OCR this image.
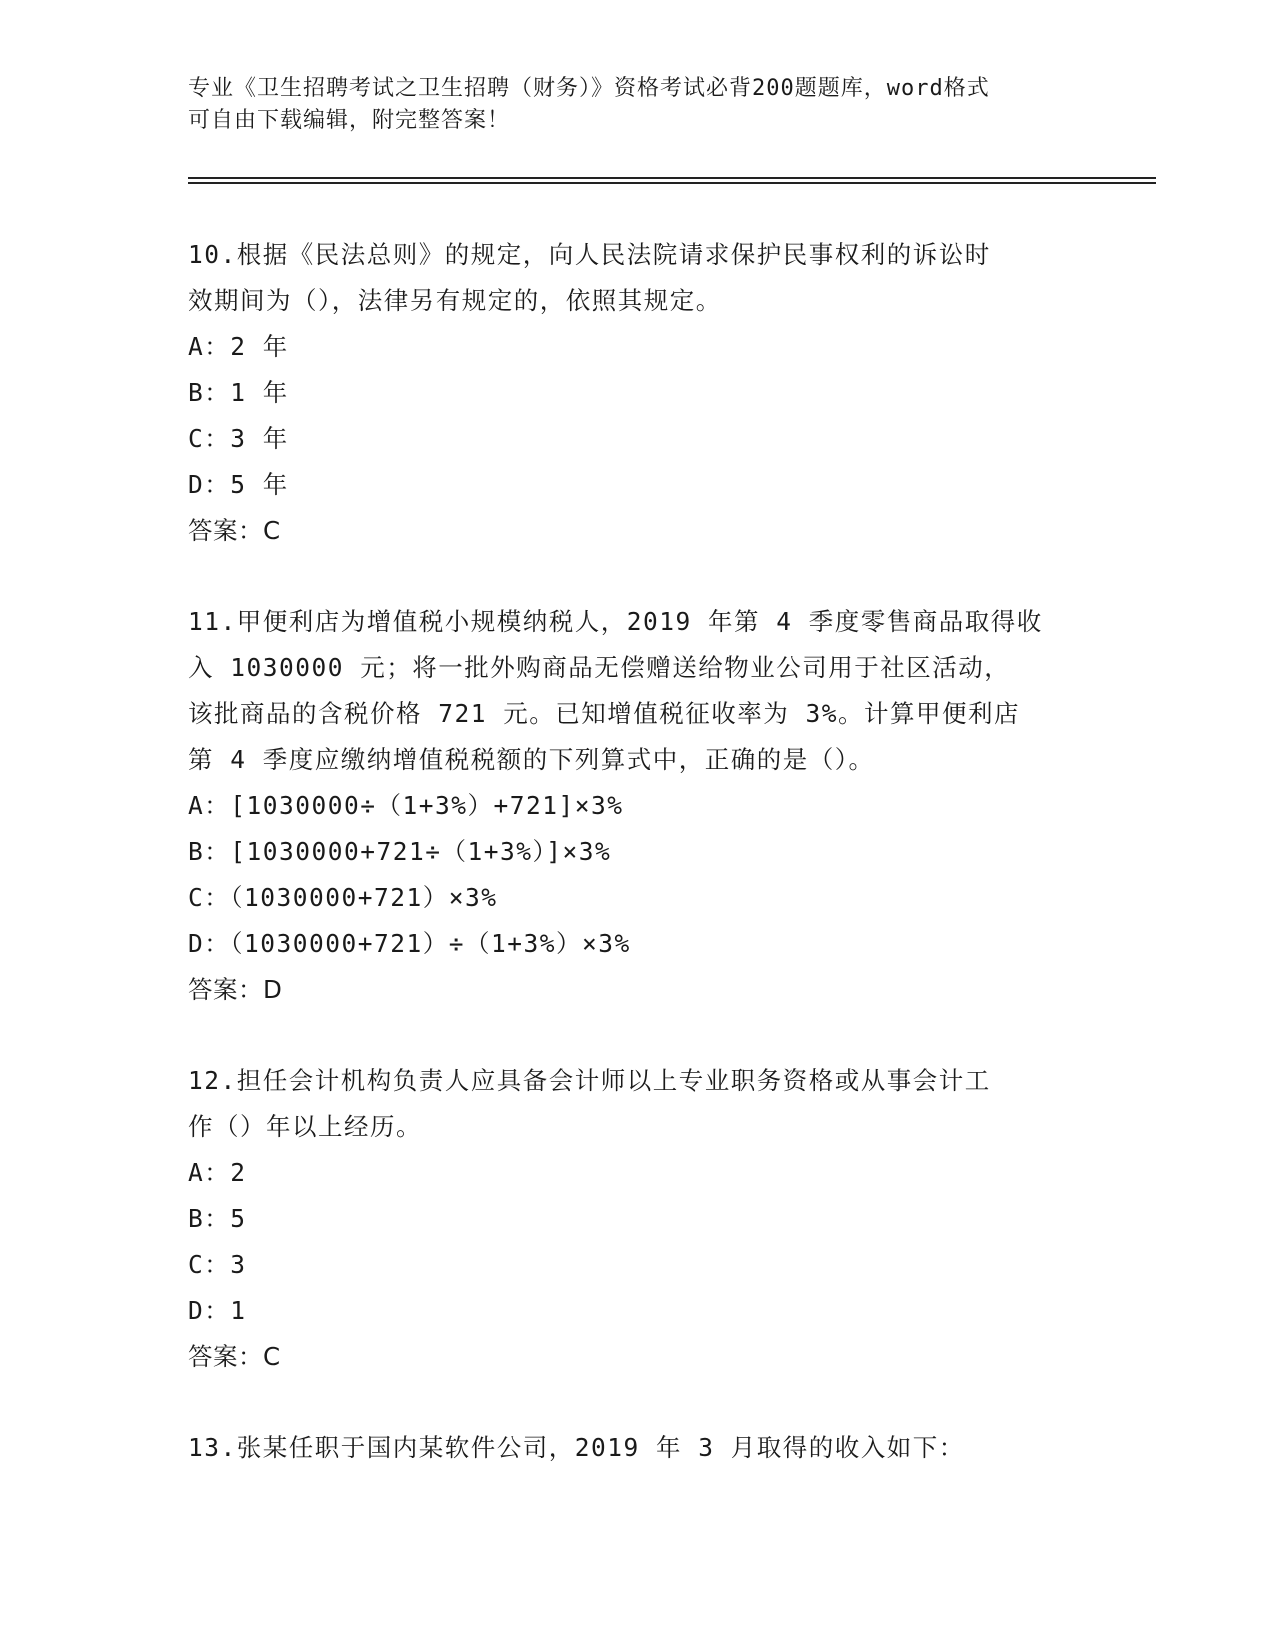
专业《卫生招聘考试之卫生招聘（财务）》资格考试必背200题题库，word格式
可自由下载编辑，附完整答案！
10.根据《民法总则》的规定，向人民法院请求保护民事权利的诉讼时
效期间为（），法律另有规定的，依照其规定。
A：2 年
B：1 年
C：3 年
D：5 年
答案：C
11.甲便利店为增值税小规模纳税人，2019 年第 4 季度零售商品取得收
入 1030000 元；将一批外购商品无偿赠送给物业公司用于社区活动，
该批商品的含税价格 721 元。已知增值税征收率为 3%。计算甲便利店
第 4 季度应缴纳增值税税额的下列算式中，正确的是（）。
A：[1030000÷（1+3%）+721]×3%
B：[1030000+721÷（1+3%）]×3%
C：（1030000+721）×3%
D：（1030000+721）÷（1+3%）×3%
答案：D
12.担任会计机构负责人应具备会计师以上专业职务资格或从事会计工
作（）年以上经历。
A：2
B：5
C：3
D：1
答案：C
13.张某任职于国内某软件公司，2019 年 3 月取得的收入如下：
